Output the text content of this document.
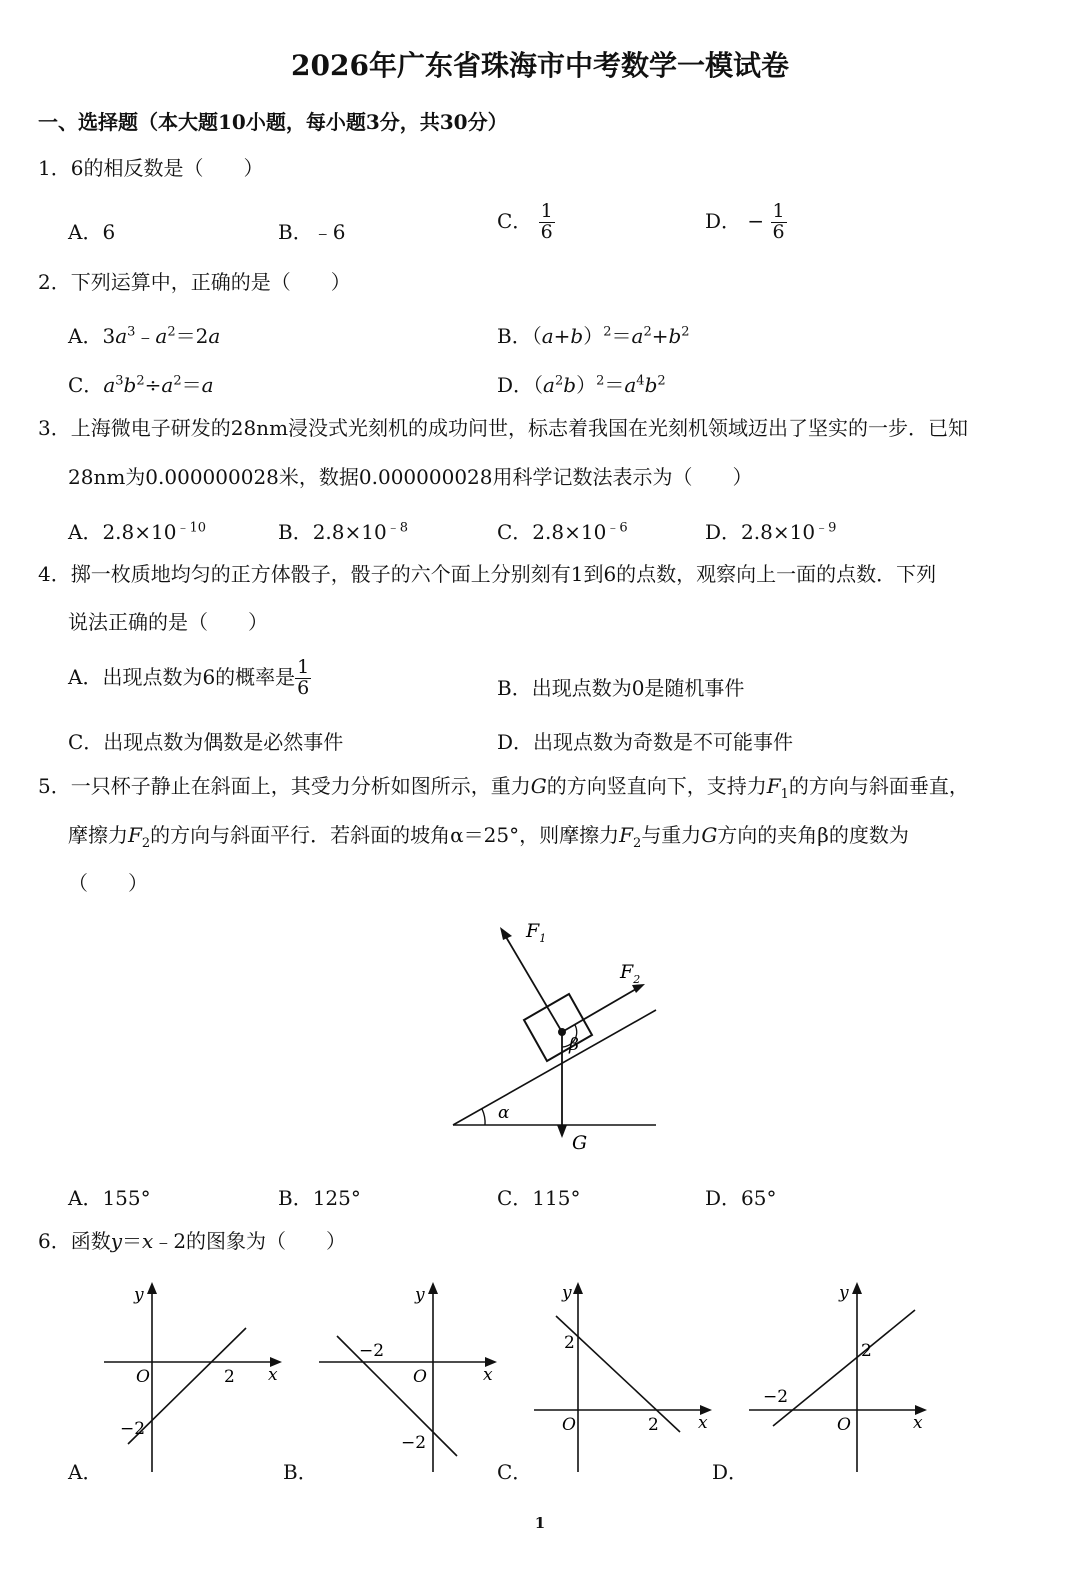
2026年广东省珠海市中考数学一模试卷
一、选择题（本大题10小题，每小题3分，共30分）
1．6的相反数是（　　）
A．6	B．﹣6	C． $\frac{1}{6}$	D． − $\frac{1}{6}$
2．下列运算中，正确的是（　　）
A．$3a^3﹣a^2=2a$	B．$(a+b)^2=a^2+b^2$
C．$a^3b^2\div a^2=a$	D．$(a^2b)^2=a^4b^2$
3．上海微电子研发的28nm浸没式光刻机的成功问世，标志着我国在光刻机领域迈出了坚实的一步．已知
28nm为0.000000028米，数据0.000000028用科学记数法表示为（　　）
A．$2.8\times 10^{﹣10}$	B．$2.8\times 10^{﹣8}$	C．$2.8\times 10^{﹣6}$	D．$2.8\times 10^{﹣9}$
4．掷一枚质地均匀的正方体骰子，骰子的六个面上分别刻有1到6的点数，观察向上一面的点数．下列
说法正确的是（　　）
A．出现点数为6的概率是 $\frac{1}{6}$	B．出现点数为0是随机事件
C．出现点数为偶数是必然事件	D．出现点数为奇数是不可能事件
5．一只杯子静止在斜面上，其受力分析如图所示，重力G的方向竖直向下，支持力$F_1$的方向与斜面垂直，
摩擦力$F_2$的方向与斜面平行．若斜面的坡角α＝25°，则摩擦力$F_2$与重力G方向的夹角β的度数为
（　　）
$F_1$
$F_2$
β
α
G
A．155°	B．125°	C．115°	D．65°
6．函数y＝x﹣2的图象为（　　）
y
x
O	2
−2
A．
y
x
O
−2
−2
B．
y
x
O	2
2
C．
y
x
O
−2
2
D．
1
